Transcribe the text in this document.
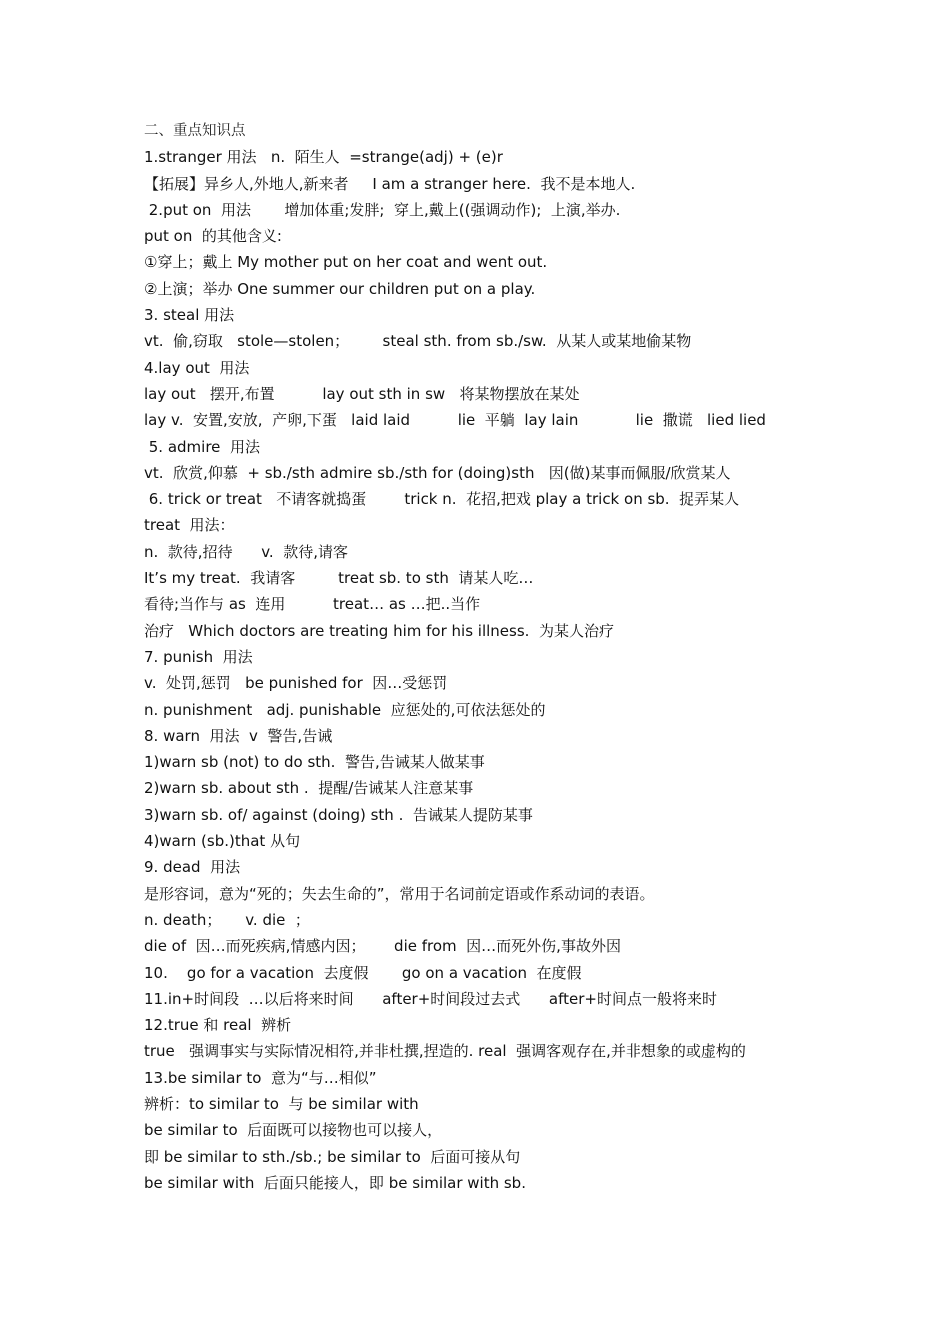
二、重点知识点
1.stranger 用法   n.  陌生人  =strange(adj) + (e)r
【拓展】异乡人,外地人,新来者     I am a stranger here.  我不是本地人.
2.put on  用法       增加体重;发胖;  穿上,戴上((强调动作);  上演,举办.
put on  的其他含义:
①穿上；戴上 My mother put on her coat and went out.
②上演；举办 One summer our children put on a play.
3. steal 用法
vt.  偷,窃取   stole—stolen；       steal sth. from sb./sw.  从某人或某地偷某物
4.lay out  用法
lay out   摆开,布置          lay out sth in sw   将某物摆放在某处
lay v.  安置,安放,  产卵,下蛋   laid laid          lie  平躺  lay lain            lie  撒谎   lied lied
5. admire  用法
vt.  欣赏,仰慕  + sb./sth admire sb./sth for (doing)sth   因(做)某事而佩服/欣赏某人
6. trick or treat   不请客就捣蛋        trick n.  花招,把戏 play a trick on sb.  捉弄某人
treat  用法：
n.  款待,招待      v.  款待,请客
It’s my treat.  我请客         treat sb. to sth  请某人吃…
看待;当作与 as  连用          treat… as …把..当作
治疗   Which doctors are treating him for his illness.  为某人治疗
7. punish  用法
v.  处罚,惩罚   be punished for  因…受惩罚
n. punishment   adj. punishable  应惩处的,可依法惩处的
8. warn  用法  v  警告,告诫
1)warn sb (not) to do sth.  警告,告诫某人做某事
2)warn sb. about sth .  提醒/告诫某人注意某事
3)warn sb. of/ against (doing) sth .  告诫某人提防某事
4)warn (sb.)that 从句
9. dead  用法
是形容词，意为“死的；失去生命的”，常用于名词前定语或作系动词的表语。
n. death；     v. die  ；
die of  因…而死疾病,情感内因；      die from  因…而死外伤,事故外因
10.    go for a vacation  去度假       go on a vacation  在度假
11.in+时间段  …以后将来时间      after+时间段过去式      after+时间点一般将来时
12.true 和 real  辨析
true   强调事实与实际情况相符,并非杜撰,捏造的. real  强调客观存在,并非想象的或虚构的
13.be similar to  意为“与…相似”
辨析：to similar to  与 be similar with
be similar to  后面既可以接物也可以接人，
即 be similar to sth./sb.; be similar to  后面可接从句
be similar with  后面只能接人，即 be similar with sb.
